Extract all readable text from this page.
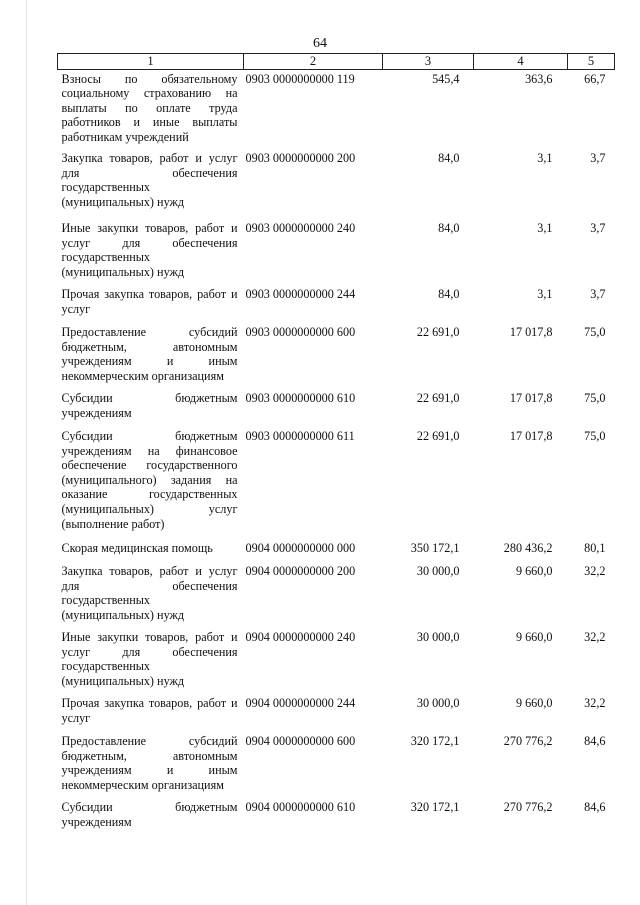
64
1	2	3	4	5
Взносы по обязательному социальному страхованию на выплаты по оплате труда работников и иные выплаты работникам учреждений	0903 0000000000 119	545,4	363,6	66,7
Закупка товаров, работ и услуг для обеспечения государственных (муниципальных) нужд	0903 0000000000 200	84,0	3,1	3,7
Иные закупки товаров, работ и услуг для обеспечения государственных (муниципальных) нужд	0903 0000000000 240	84,0	3,1	3,7
Прочая закупка товаров, работ и услуг	0903 0000000000 244	84,0	3,1	3,7
Предоставление субсидий бюджетным, автономным учреждениям и иным некоммерческим организациям	0903 0000000000 600	22 691,0	17 017,8	75,0
Субсидии бюджетным учреждениям	0903 0000000000 610	22 691,0	17 017,8	75,0
Субсидии бюджетным учреждениям на финансовое обеспечение государственного (муниципального) задания на оказание государственных (муниципальных) услуг (выполнение работ)	0903 0000000000 611	22 691,0	17 017,8	75,0
Скорая медицинская помощь	0904 0000000000 000	350 172,1	280 436,2	80,1
Закупка товаров, работ и услуг для обеспечения государственных (муниципальных) нужд	0904 0000000000 200	30 000,0	9 660,0	32,2
Иные закупки товаров, работ и услуг для обеспечения государственных (муниципальных) нужд	0904 0000000000 240	30 000,0	9 660,0	32,2
Прочая закупка товаров, работ и услуг	0904 0000000000 244	30 000,0	9 660,0	32,2
Предоставление субсидий бюджетным, автономным учреждениям и иным некоммерческим организациям	0904 0000000000 600	320 172,1	270 776,2	84,6
Субсидии бюджетным учреждениям	0904 0000000000 610	320 172,1	270 776,2	84,6
